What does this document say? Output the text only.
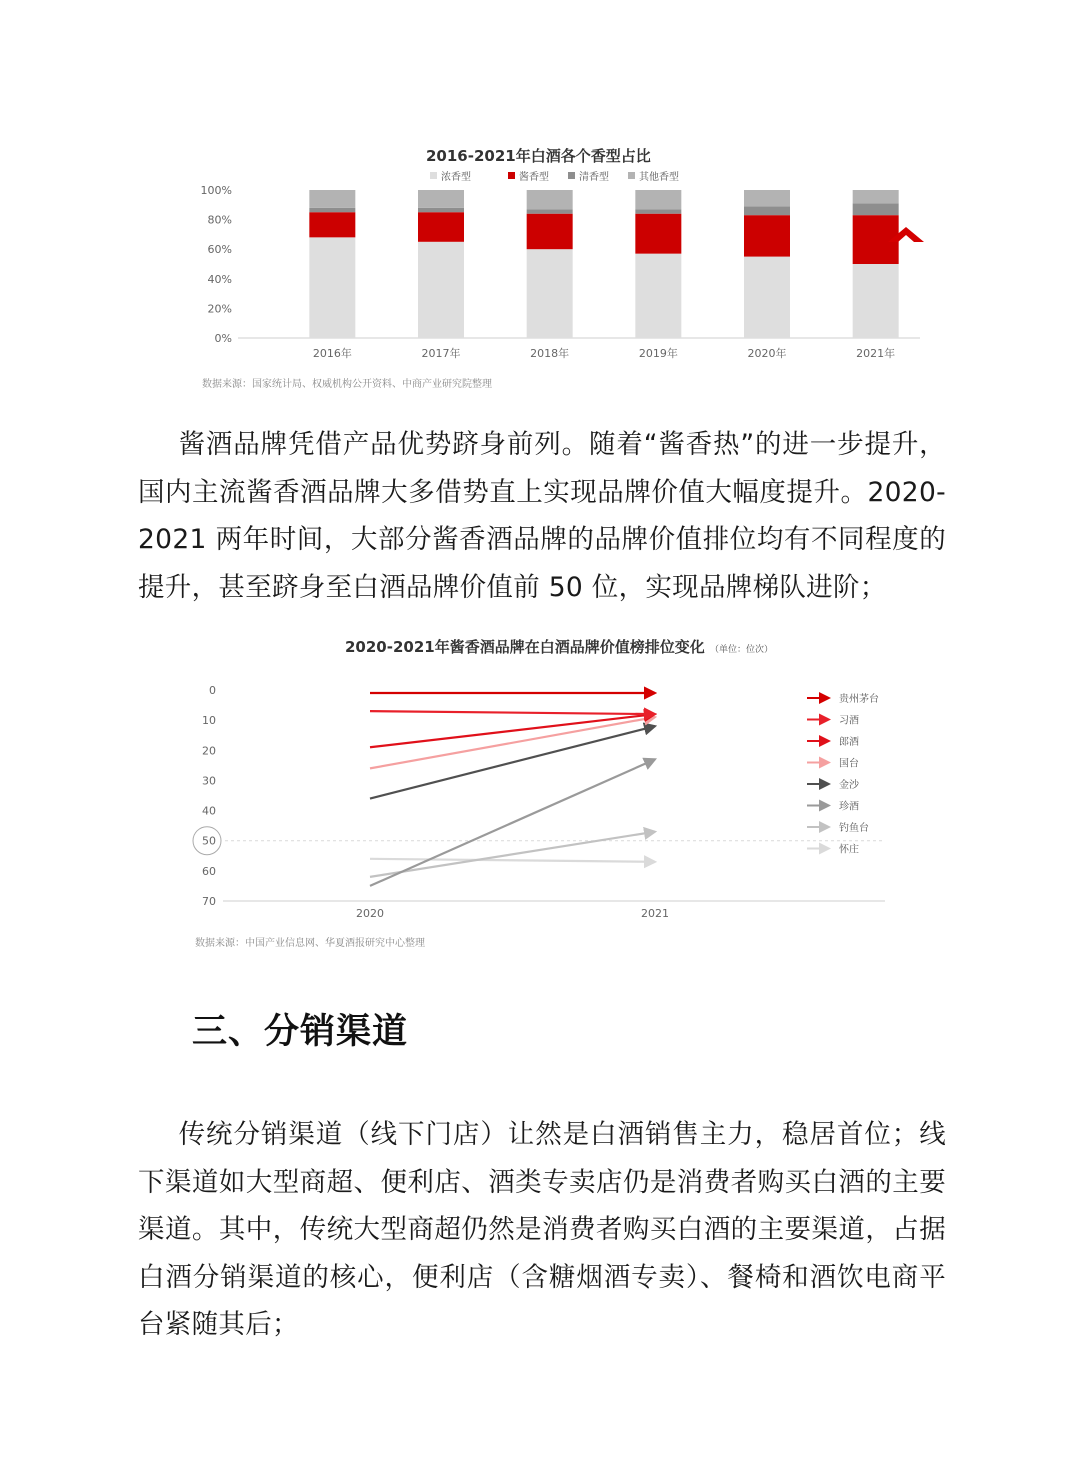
2016-2021年白酒各个香型占比
浓香型	酱香型	清香型	其他香型
0%
20%
40%
60%
80%
100%
2016年	2017年	2018年	2019年	2020年	2021年
数据来源：国家统计局、权威机构公开资料、中商产业研究院整理

酱酒品牌凭借产品优势跻身前列。随着“酱香热”的进一步提升，国内主流酱香酒品牌大多借势直上实现品牌价值大幅度提升。2020-2021 两年时间，大部分酱香酒品牌的品牌价值排位均有不同程度的提升，甚至跻身至白酒品牌价值前 50 位，实现品牌梯队进阶；

2020-2021年酱香酒品牌在白酒品牌价值榜排位变化 （单位：位次）
0
10
20
30
40
50
60
70
2020	2021
贵州茅台
习酒
郎酒
国台
金沙
珍酒
钓鱼台
怀庄
数据来源：中国产业信息网、华夏酒报研究中心整理
三、分销渠道

传统分销渠道（线下门店）让然是白酒销售主力，稳居首位；线下渠道如大型商超、便利店、酒类专卖店仍是消费者购买白酒的主要渠道。其中，传统大型商超仍然是消费者购买白酒的主要渠道，占据白酒分销渠道的核心，便利店（含糖烟酒专卖）、餐椅和酒饮电商平台紧随其后；
